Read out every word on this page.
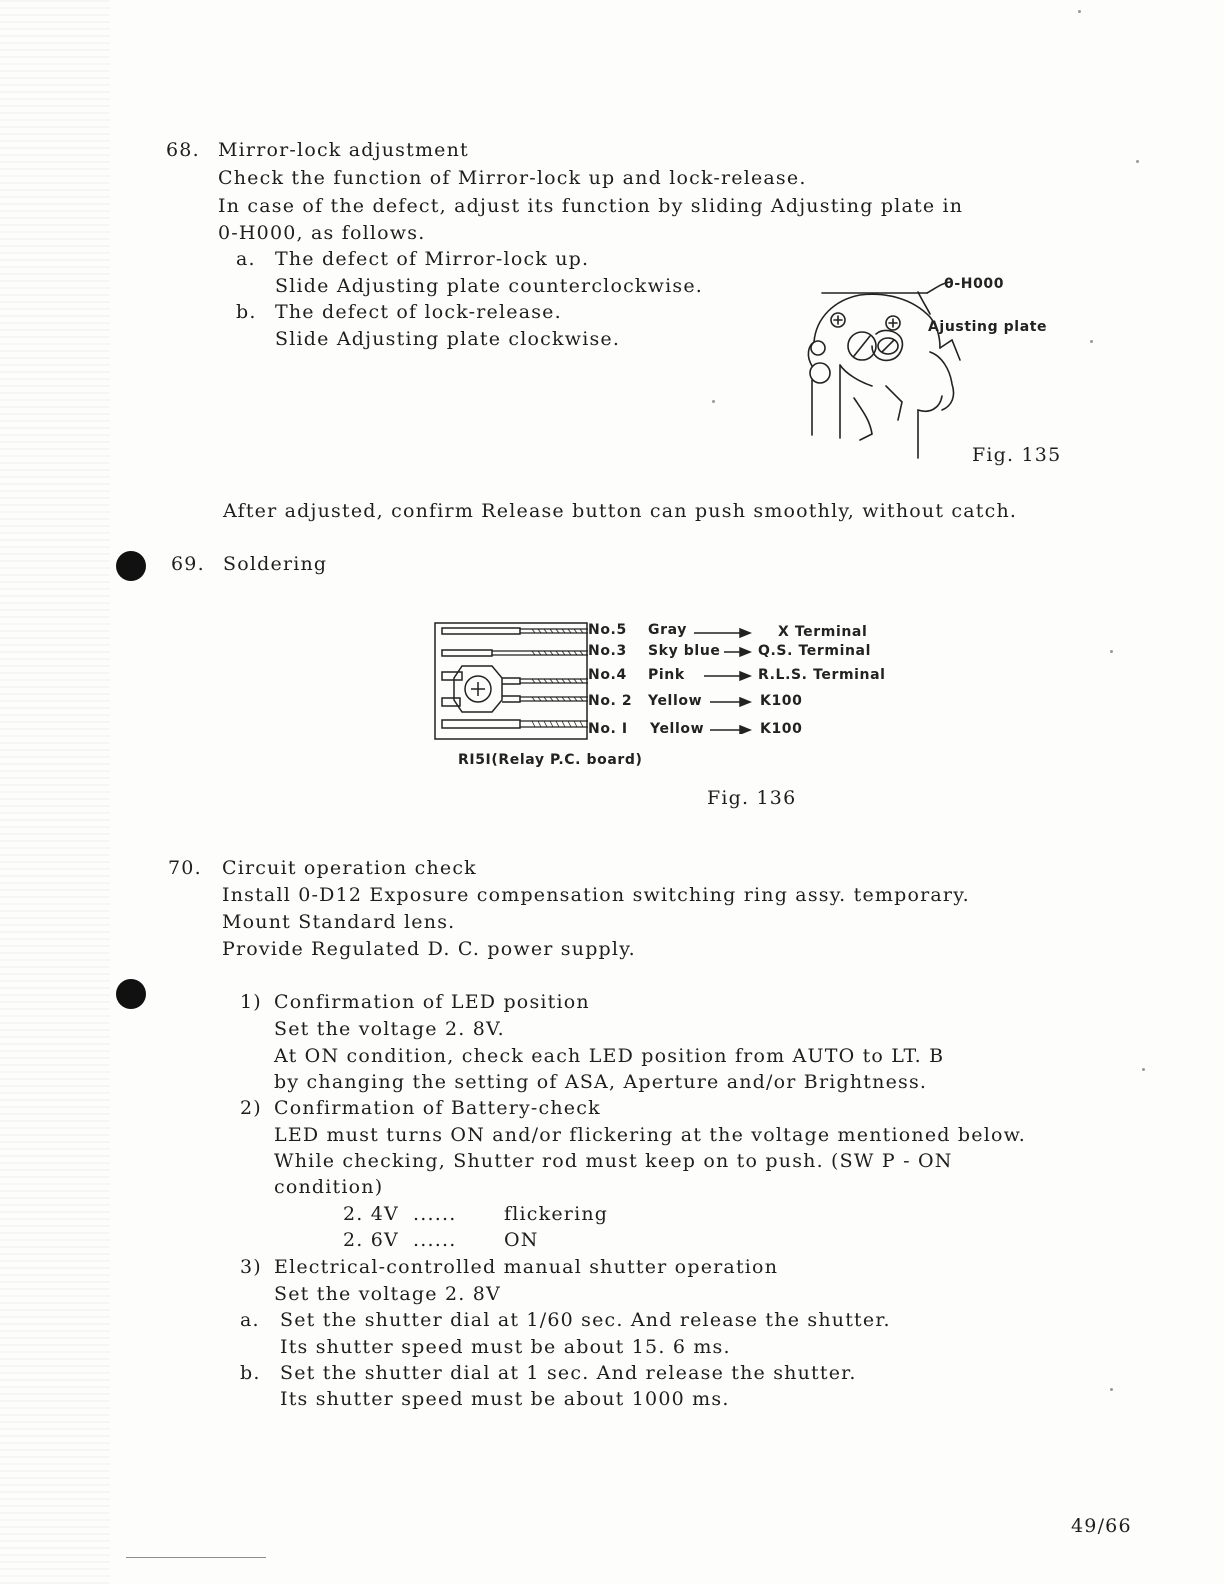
68. Mirror-lock adjustment
Check the function of Mirror-lock up and lock-release.
In case of the defect, adjust its function by sliding Adjusting plate in
0-H000, as follows.
a. The defect of Mirror-lock up.
Slide Adjusting plate counterclockwise.
b. The defect of lock-release.
Slide Adjusting plate clockwise.
0-H000
Ajusting plate
Fig. 135
After adjusted, confirm Release button can push smoothly, without catch.
69. Soldering
No.5 Gray	X Terminal
No.3 Sky blue	Q.S. Terminal
No.4 Pink	R.L.S. Terminal
No. 2 Yellow	K100
No. I Yellow	K100
RI5I(Relay P.C. board)
Fig. 136
70. Circuit operation check
Install 0-D12 Exposure compensation switching ring assy. temporary.
Mount Standard lens.
Provide Regulated D. C. power supply.
1) Confirmation of LED position
Set the voltage 2. 8V.
At ON condition, check each LED position from AUTO to LT. B
by changing the setting of ASA, Aperture and/or Brightness.
2) Confirmation of Battery-check
LED must turns ON and/or flickering at the voltage mentioned below.
While checking, Shutter rod must keep on to push. (SW P - ON
condition)
2. 4V ......	flickering
2. 6V ......	ON
3) Electrical-controlled manual shutter operation
Set the voltage 2. 8V
a. Set the shutter dial at 1/60 sec. And release the shutter.
Its shutter speed must be about 15. 6 ms.
b. Set the shutter dial at 1 sec. And release the shutter.
Its shutter speed must be about 1000 ms.
49/66
